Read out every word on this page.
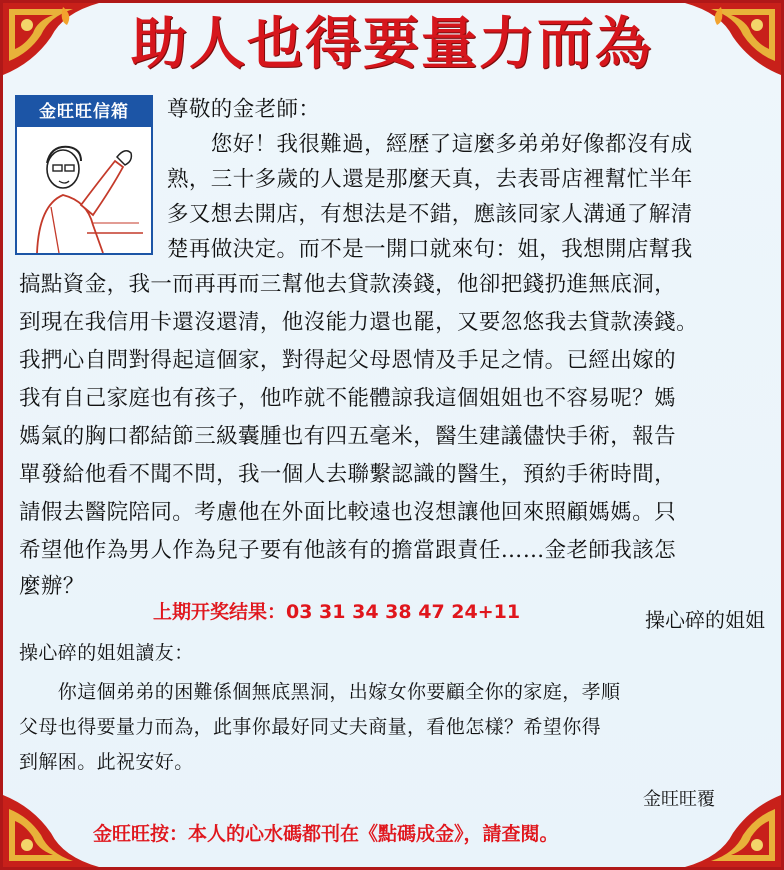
助人也得要量力而為
金旺旺信箱	尊敬的金老師：
　　您好！我很難過，經歷了這麼多弟弟好像都沒有成
熟，三十多歲的人還是那麼天真，去表哥店裡幫忙半年
多又想去開店，有想法是不錯，應該同家人溝通了解清
楚再做決定。而不是一開口就來句：姐，我想開店幫我
搞點資金，我一而再再而三幫他去貸款湊錢，他卻把錢扔進無底洞，
到現在我信用卡還沒還清，他沒能力還也罷，又要忽悠我去貸款湊錢。
我捫心自問對得起這個家，對得起父母恩情及手足之情。已經出嫁的
我有自己家庭也有孩子，他咋就不能體諒我這個姐姐也不容易呢？媽
媽氣的胸口都結節三級囊腫也有四五毫米，醫生建議儘快手術，報告
單發給他看不聞不問，我一個人去聯繫認識的醫生，預約手術時間，
請假去醫院陪同。考慮他在外面比較遠也沒想讓他回來照顧媽媽。只
希望他作為男人作為兒子要有他該有的擔當跟責任……金老師我該怎
麼辦？
上期开奖结果：03 31 34 38 47 24+11	操心碎的姐姐
操心碎的姐姐讀友：
　　你這個弟弟的困難係個無底黑洞，出嫁女你要顧全你的家庭，孝順
父母也得要量力而為，此事你最好同丈夫商量，看他怎樣？希望你得
到解困。此祝安好。
金旺旺覆
金旺旺按：本人的心水碼都刊在《點碼成金》，請查閱。
